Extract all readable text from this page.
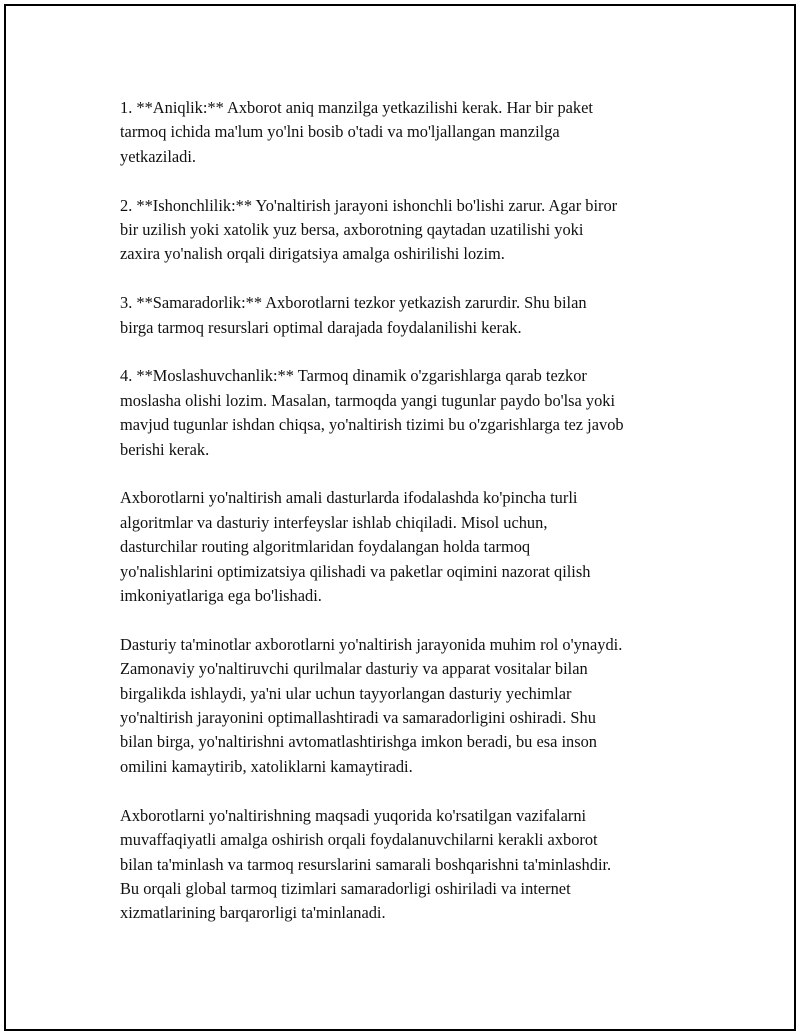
1. **Aniqlik:** Axborot aniq manzilga yetkazilishi kerak. Har bir paket
tarmoq ichida ma'lum yo'lni bosib o'tadi va mo'ljallangan manzilga
yetkaziladi.

2. **Ishonchlilik:** Yo'naltirish jarayoni ishonchli bo'lishi zarur. Agar biror
bir uzilish yoki xatolik yuz bersa, axborotning qaytadan uzatilishi yoki
zaxira yo'nalish orqali dirigatsiya amalga oshirilishi lozim.

3. **Samaradorlik:** Axborotlarni tezkor yetkazish zarurdir. Shu bilan
birga tarmoq resurslari optimal darajada foydalanilishi kerak.

4. **Moslashuvchanlik:** Tarmoq dinamik o'zgarishlarga qarab tezkor
moslasha olishi lozim. Masalan, tarmoqda yangi tugunlar paydo bo'lsa yoki
mavjud tugunlar ishdan chiqsa, yo'naltirish tizimi bu o'zgarishlarga tez javob
berishi kerak.

Axborotlarni yo'naltirish amali dasturlarda ifodalashda ko'pincha turli
algoritmlar va dasturiy interfeyslar ishlab chiqiladi. Misol uchun,
dasturchilar routing algoritmlaridan foydalangan holda tarmoq
yo'nalishlarini optimizatsiya qilishadi va paketlar oqimini nazorat qilish
imkoniyatlariga ega bo'lishadi.

Dasturiy ta'minotlar axborotlarni yo'naltirish jarayonida muhim rol o'ynaydi.
Zamonaviy yo'naltiruvchi qurilmalar dasturiy va apparat vositalar bilan
birgalikda ishlaydi, ya'ni ular uchun tayyorlangan dasturiy yechimlar
yo'naltirish jarayonini optimallashtiradi va samaradorligini oshiradi. Shu
bilan birga, yo'naltirishni avtomatlashtirishga imkon beradi, bu esa inson
omilini kamaytirib, xatoliklarni kamaytiradi.

Axborotlarni yo'naltirishning maqsadi yuqorida ko'rsatilgan vazifalarni
muvaffaqiyatli amalga oshirish orqali foydalanuvchilarni kerakli axborot
bilan ta'minlash va tarmoq resurslarini samarali boshqarishni ta'minlashdir.
Bu orqali global tarmoq tizimlari samaradorligi oshiriladi va internet
xizmatlarining barqarorligi ta'minlanadi.
